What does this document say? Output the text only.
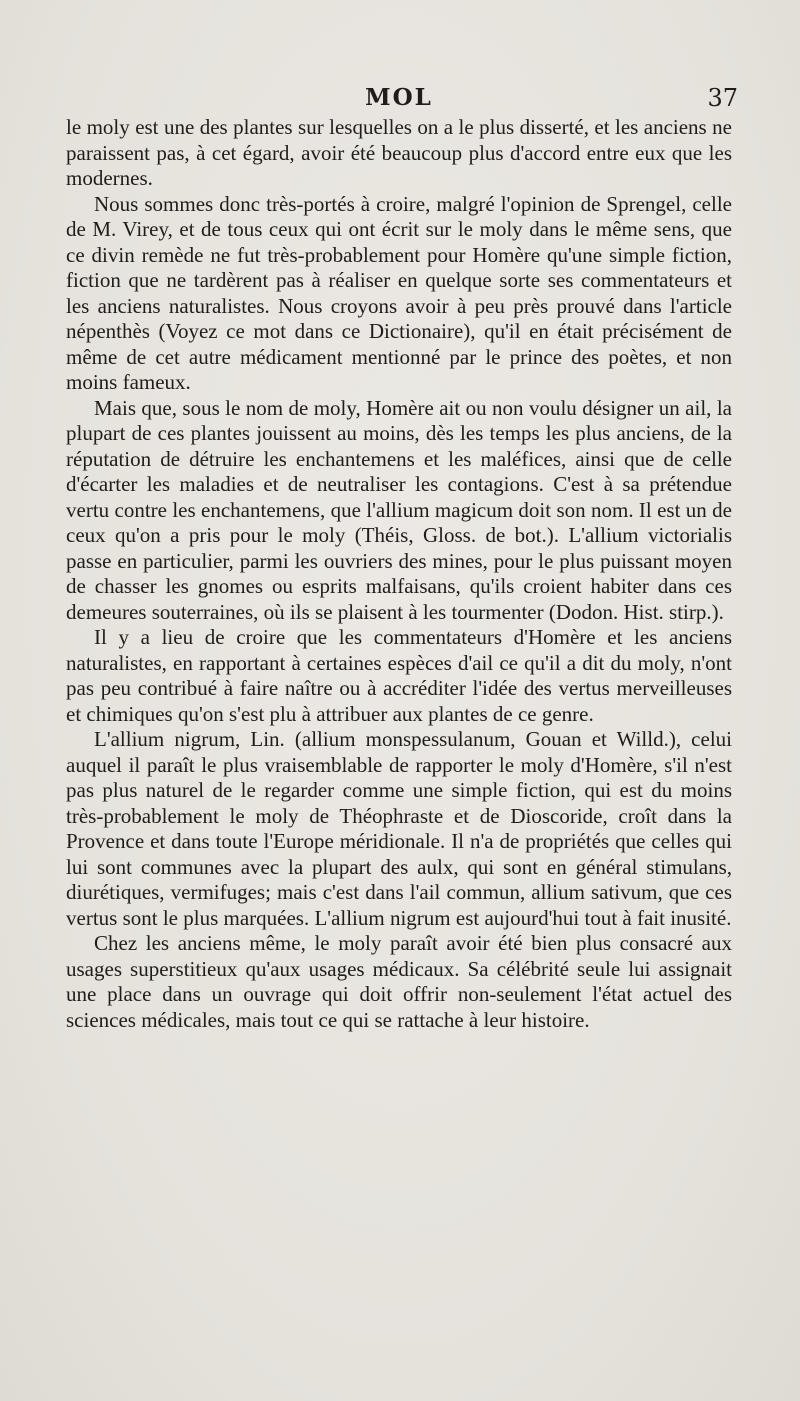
MOL	37

le moly est une des plantes sur lesquelles on a le plus disserté, et les anciens ne paraissent pas, à cet égard, avoir été beaucoup plus d'accord entre eux que les modernes.

Nous sommes donc très-portés à croire, malgré l'opinion de Sprengel, celle de M. Virey, et de tous ceux qui ont écrit sur le moly dans le même sens, que ce divin remède ne fut très-probablement pour Homère qu'une simple fiction, fiction que ne tardèrent pas à réaliser en quelque sorte ses commentateurs et les anciens naturalistes. Nous croyons avoir à peu près prouvé dans l'article népenthès (Voyez ce mot dans ce Dictionaire), qu'il en était précisément de même de cet autre médicament mentionné par le prince des poètes, et non moins fameux.

Mais que, sous le nom de moly, Homère ait ou non voulu désigner un ail, la plupart de ces plantes jouissent au moins, dès les temps les plus anciens, de la réputation de détruire les enchantemens et les maléfices, ainsi que de celle d'écarter les maladies et de neutraliser les contagions. C'est à sa prétendue vertu contre les enchantemens, que l'allium magicum doit son nom. Il est un de ceux qu'on a pris pour le moly (Théis, Gloss. de bot.). L'allium victorialis passe en particulier, parmi les ouvriers des mines, pour le plus puissant moyen de chasser les gnomes ou esprits malfaisans, qu'ils croient habiter dans ces demeures souterraines, où ils se plaisent à les tourmenter (Dodon. Hist. stirp.).

Il y a lieu de croire que les commentateurs d'Homère et les anciens naturalistes, en rapportant à certaines espèces d'ail ce qu'il a dit du moly, n'ont pas peu contribué à faire naître ou à accréditer l'idée des vertus merveilleuses et chimiques qu'on s'est plu à attribuer aux plantes de ce genre.

L'allium nigrum, Lin. (allium monspessulanum, Gouan et Willd.), celui auquel il paraît le plus vraisemblable de rapporter le moly d'Homère, s'il n'est pas plus naturel de le regarder comme une simple fiction, qui est du moins très-probablement le moly de Théophraste et de Dioscoride, croît dans la Provence et dans toute l'Europe méridionale. Il n'a de propriétés que celles qui lui sont communes avec la plupart des aulx, qui sont en général stimulans, diurétiques, vermifuges; mais c'est dans l'ail commun, allium sativum, que ces vertus sont le plus marquées. L'allium nigrum est aujourd'hui tout à fait inusité.

Chez les anciens même, le moly paraît avoir été bien plus consacré aux usages superstitieux qu'aux usages médicaux. Sa célébrité seule lui assignait une place dans un ouvrage qui doit offrir non-seulement l'état actuel des sciences médicales, mais tout ce qui se rattache à leur histoire.
